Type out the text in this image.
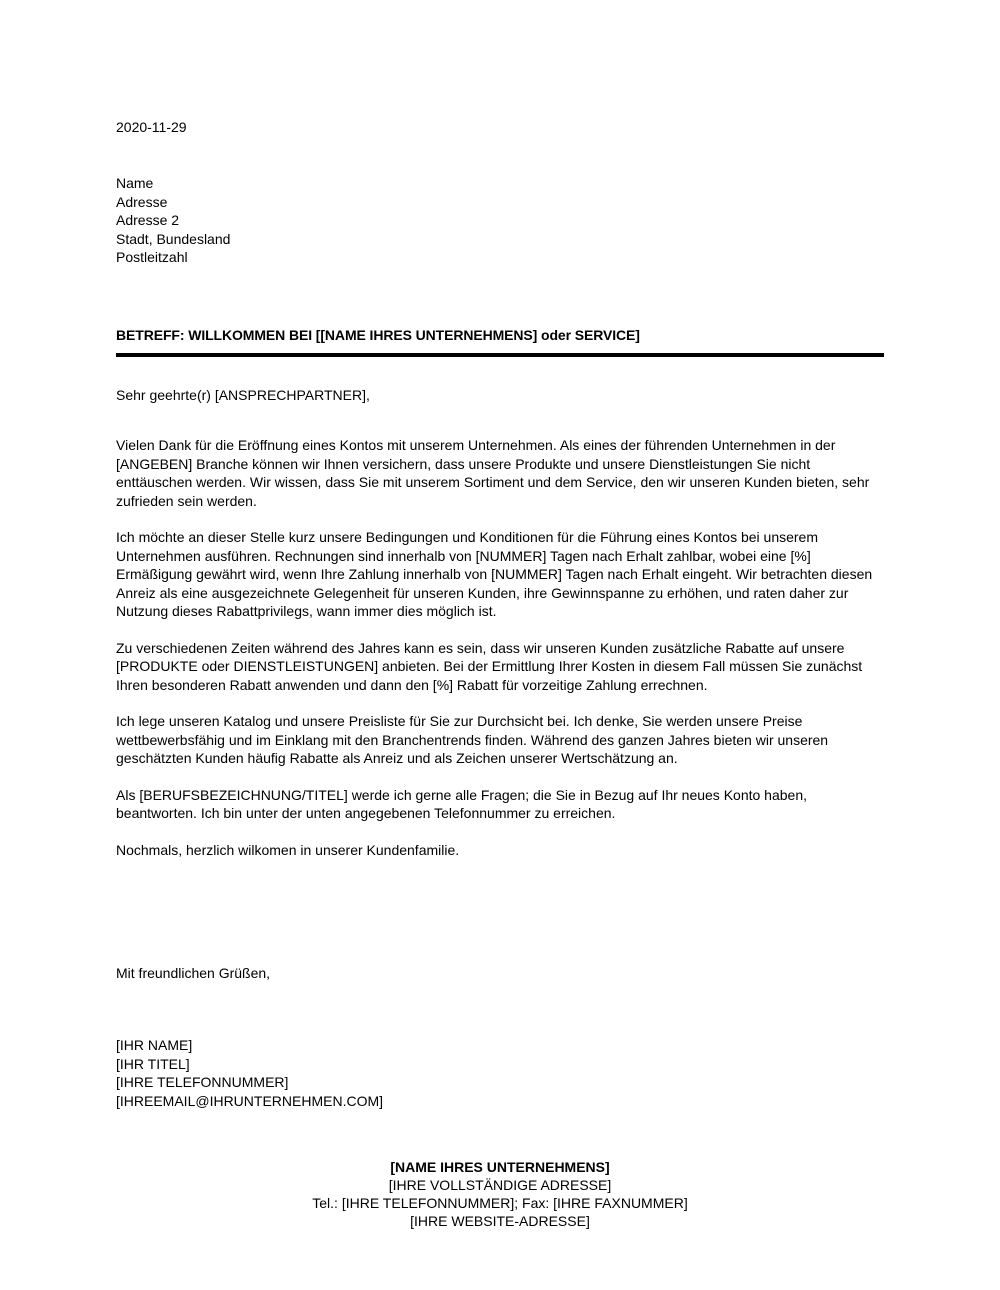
2020-11-29
Name
Adresse
Adresse 2
Stadt, Bundesland
Postleitzahl
BETREFF: WILLKOMMEN BEI [[NAME IHRES UNTERNEHMENS] oder SERVICE]
Sehr geehrte(r) [ANSPRECHPARTNER],

Vielen Dank für die Eröffnung eines Kontos mit unserem Unternehmen. Als eines der führenden Unternehmen in der [ANGEBEN] Branche können wir Ihnen versichern, dass unsere Produkte und unsere Dienstleistungen Sie nicht enttäuschen werden. Wir wissen, dass Sie mit unserem Sortiment und dem Service, den wir unseren Kunden bieten, sehr zufrieden sein werden.

Ich möchte an dieser Stelle kurz unsere Bedingungen und Konditionen für die Führung eines Kontos bei unserem Unternehmen ausführen. Rechnungen sind innerhalb von [NUMMER] Tagen nach Erhalt zahlbar, wobei eine [%] Ermäßigung gewährt wird, wenn Ihre Zahlung innerhalb von [NUMMER] Tagen nach Erhalt eingeht. Wir betrachten diesen Anreiz als eine ausgezeichnete Gelegenheit für unseren Kunden, ihre Gewinnspanne zu erhöhen, und raten daher zur Nutzung dieses Rabattprivilegs, wann immer dies möglich ist.

Zu verschiedenen Zeiten während des Jahres kann es sein, dass wir unseren Kunden zusätzliche Rabatte auf unsere [PRODUKTE oder DIENSTLEISTUNGEN] anbieten. Bei der Ermittlung Ihrer Kosten in diesem Fall müssen Sie zunächst Ihren besonderen Rabatt anwenden und dann den [%] Rabatt für vorzeitige Zahlung errechnen.

Ich lege unseren Katalog und unsere Preisliste für Sie zur Durchsicht bei. Ich denke, Sie werden unsere Preise wettbewerbsfähig und im Einklang mit den Branchentrends finden. Während des ganzen Jahres bieten wir unseren geschätzten Kunden häufig Rabatte als Anreiz und als Zeichen unserer Wertschätzung an.

Als [BERUFSBEZEICHNUNG/TITEL] werde ich gerne alle Fragen; die Sie in Bezug auf Ihr neues Konto haben, beantworten. Ich bin unter der unten angegebenen Telefonnummer zu erreichen.

Nochmals, herzlich wilkomen in unserer Kundenfamilie.

Mit freundlichen Grüßen,
[IHR NAME]
[IHR TITEL]
[IHRE TELEFONNUMMER]
[IHREEMAIL@IHRUNTERNEHMEN.COM]
[NAME IHRES UNTERNEHMENS]
[IHRE VOLLSTÄNDIGE ADRESSE]
Tel.: [IHRE TELEFONNUMMER]; Fax: [IHRE FAXNUMMER]
[IHRE WEBSITE-ADRESSE]
